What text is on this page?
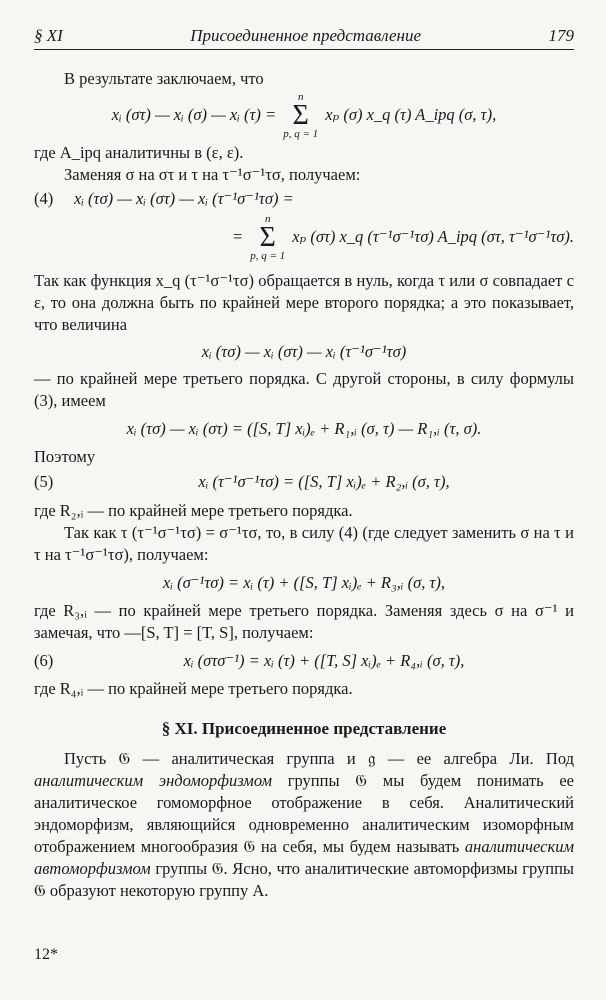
§ XI	Присоединенное представление	179

В результате заключаем, что

xᵢ (στ) — xᵢ (σ) — xᵢ (τ) =
n
Σ
p, q = 1
xₚ (σ) x_q (τ) A_ipq (σ, τ),

где A_ipq аналитичны в (ε, ε).

Заменяя σ на στ и τ на τ⁻¹σ⁻¹τσ, получаем:

(4)	xᵢ (τσ) — xᵢ (στ) — xᵢ (τ⁻¹σ⁻¹τσ) =
=
n
Σ
p, q = 1
xₚ (στ) x_q (τ⁻¹σ⁻¹τσ) A_ipq (στ, τ⁻¹σ⁻¹τσ).

Так как функция x_q (τ⁻¹σ⁻¹τσ) обращается в нуль, когда τ или σ совпадает с ε, то она должна быть по крайней мере второго порядка; а это показывает, что величина

xᵢ (τσ) — xᵢ (στ) — xᵢ (τ⁻¹σ⁻¹τσ)

— по крайней мере третьего порядка. С другой стороны, в силу формулы (3), имеем

xᵢ (τσ) — xᵢ (στ) = ([S, T] xᵢ)ₑ + R₁,ᵢ (σ, τ) — R₁,ᵢ (τ, σ).

Поэтому

(5)	xᵢ (τ⁻¹σ⁻¹τσ) = ([S, T] xᵢ)ₑ + R₂,ᵢ (σ, τ),

где R₂,ᵢ — по крайней мере третьего порядка.

Так как τ (τ⁻¹σ⁻¹τσ) = σ⁻¹τσ, то, в силу (4) (где следует заменить σ на τ и τ на τ⁻¹σ⁻¹τσ), получаем:

xᵢ (σ⁻¹τσ) = xᵢ (τ) + ([S, T] xᵢ)ₑ + R₃,ᵢ (σ, τ),

где R₃,ᵢ — по крайней мере третьего порядка. Заменяя здесь σ на σ⁻¹ и замечая, что —[S, T] = [T, S], получаем:

(6)	xᵢ (στσ⁻¹) = xᵢ (τ) + ([T, S] xᵢ)ₑ + R₄,ᵢ (σ, τ),

где R₄,ᵢ — по крайней мере третьего порядка.

§ XI. Присоединенное представление

Пусть 𝔊 — аналитическая группа и 𝔤 — ее алгебра Ли. Под аналитическим эндоморфизмом группы 𝔊 мы будем понимать ее аналитическое гомоморфное отображение в себя. Аналитический эндоморфизм, являющийся одновременно аналитическим изоморфным отображением многообразия 𝔊 на себя, мы будем называть аналитическим автоморфизмом группы 𝔊. Ясно, что аналитические автоморфизмы группы 𝔊 образуют некоторую группу A.

12*
